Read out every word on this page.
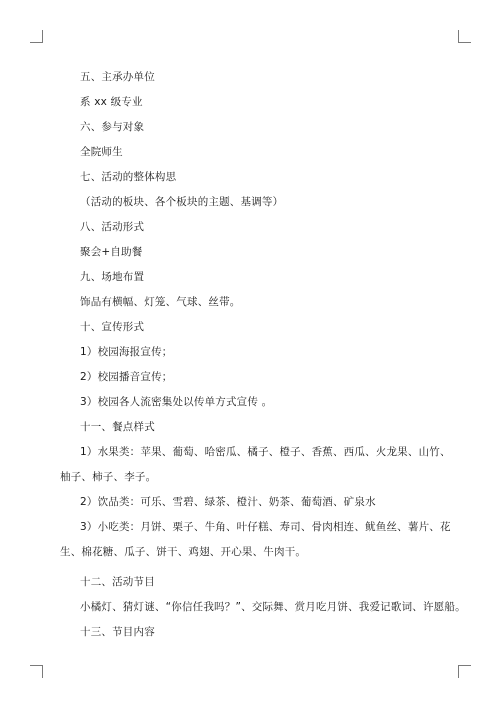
五、主承办单位
系 xx 级专业
六、参与对象
全院师生
七、活动的整体构思
（活动的板块、各个板块的主题、基调等）
八、活动形式
聚会+自助餐
九、场地布置
饰品有横幅、灯笼、气球、丝带。
十、宣传形式
1）校园海报宣传；
2）校园播音宣传；
3）校园各人流密集处以传单方式宣传 。
十一、餐点样式
1）水果类：苹果、葡萄、哈密瓜、橘子、橙子、香蕉、西瓜、火龙果、山竹、
柚子、柿子、李子。
2）饮品类：可乐、雪碧、绿茶、橙汁、奶茶、葡萄酒、矿泉水
3）小吃类：月饼、栗子、牛角、叶仔糕、寿司、骨肉相连、鱿鱼丝、薯片、花
生、棉花糖、瓜子、饼干、鸡翅、开心果、牛肉干。
十二、活动节目
小橘灯、猜灯谜、“你信任我吗？”、交际舞、赏月吃月饼、我爱记歌词、许愿船。
十三、节目内容
